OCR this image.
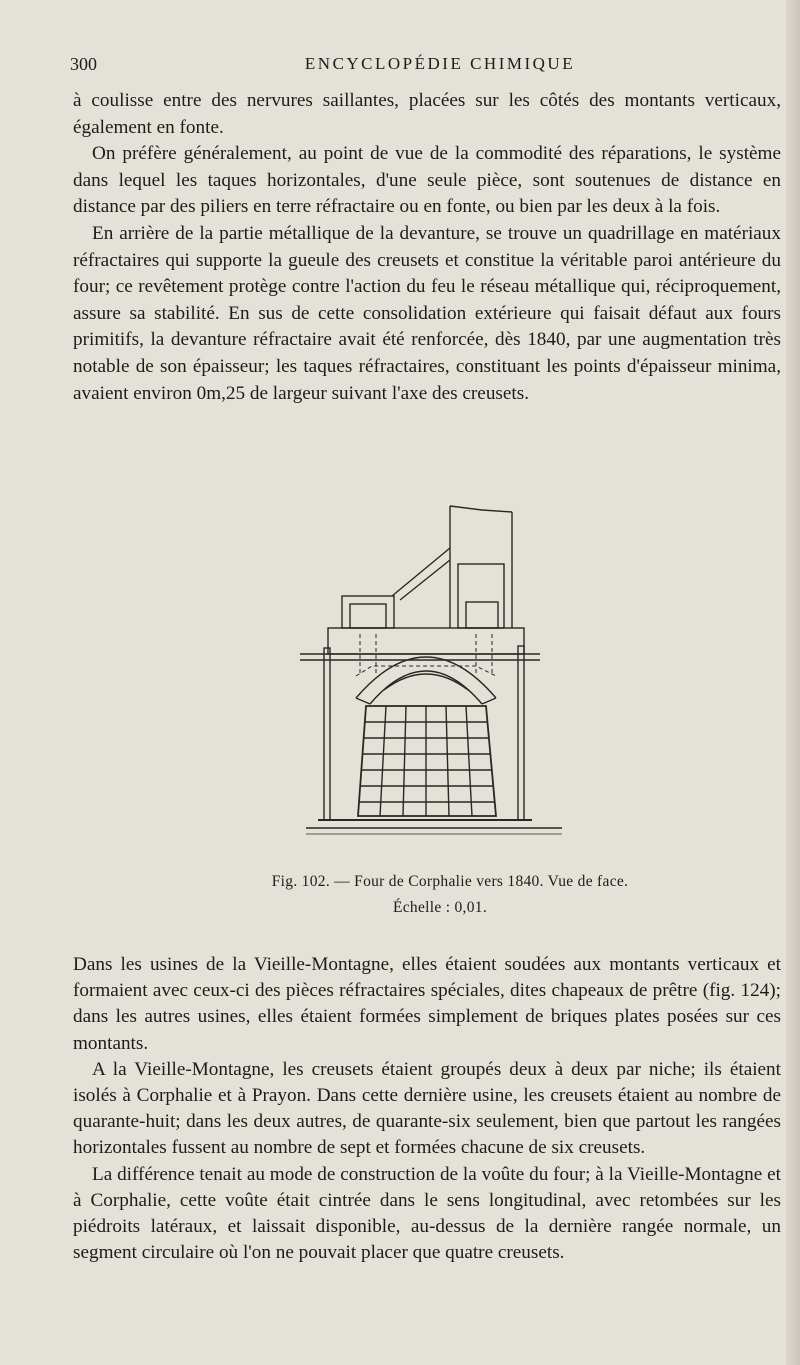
300	ENCYCLOPÉDIE CHIMIQUE

à coulisse entre des nervures saillantes, placées sur les côtés des montants verticaux, également en fonte.

On préfère généralement, au point de vue de la commodité des réparations, le système dans lequel les taques horizontales, d'une seule pièce, sont soutenues de distance en distance par des piliers en terre réfractaire ou en fonte, ou bien par les deux à la fois.

En arrière de la partie métallique de la devanture, se trouve un quadrillage en matériaux réfractaires qui supporte la gueule des creusets et constitue la véritable paroi antérieure du four; ce revêtement protège contre l'action du feu le réseau métallique qui, réciproquement, assure sa stabilité. En sus de cette consolidation extérieure qui faisait défaut aux fours primitifs, la devanture réfractaire avait été renforcée, dès 1840, par une augmentation très notable de son épaisseur; les taques réfractaires, constituant les points d'épaisseur minima, avaient environ 0m,25 de largeur suivant l'axe des creusets.

Fig. 102. — Four de Corphalie vers 1840. Vue de face.
Échelle : 0,01.

Dans les usines de la Vieille-Montagne, elles étaient soudées aux montants verticaux et formaient avec ceux-ci des pièces réfractaires spéciales, dites chapeaux de prêtre (fig. 124); dans les autres usines, elles étaient formées simplement de briques plates posées sur ces montants.

A la Vieille-Montagne, les creusets étaient groupés deux à deux par niche; ils étaient isolés à Corphalie et à Prayon. Dans cette dernière usine, les creusets étaient au nombre de quarante-huit; dans les deux autres, de quarante-six seulement, bien que partout les rangées horizontales fussent au nombre de sept et formées chacune de six creusets.

La différence tenait au mode de construction de la voûte du four; à la Vieille-Montagne et à Corphalie, cette voûte était cintrée dans le sens longitudinal, avec retombées sur les piédroits latéraux, et laissait disponible, au-dessus de la dernière rangée normale, un segment circulaire où l'on ne pouvait placer que quatre creusets.
